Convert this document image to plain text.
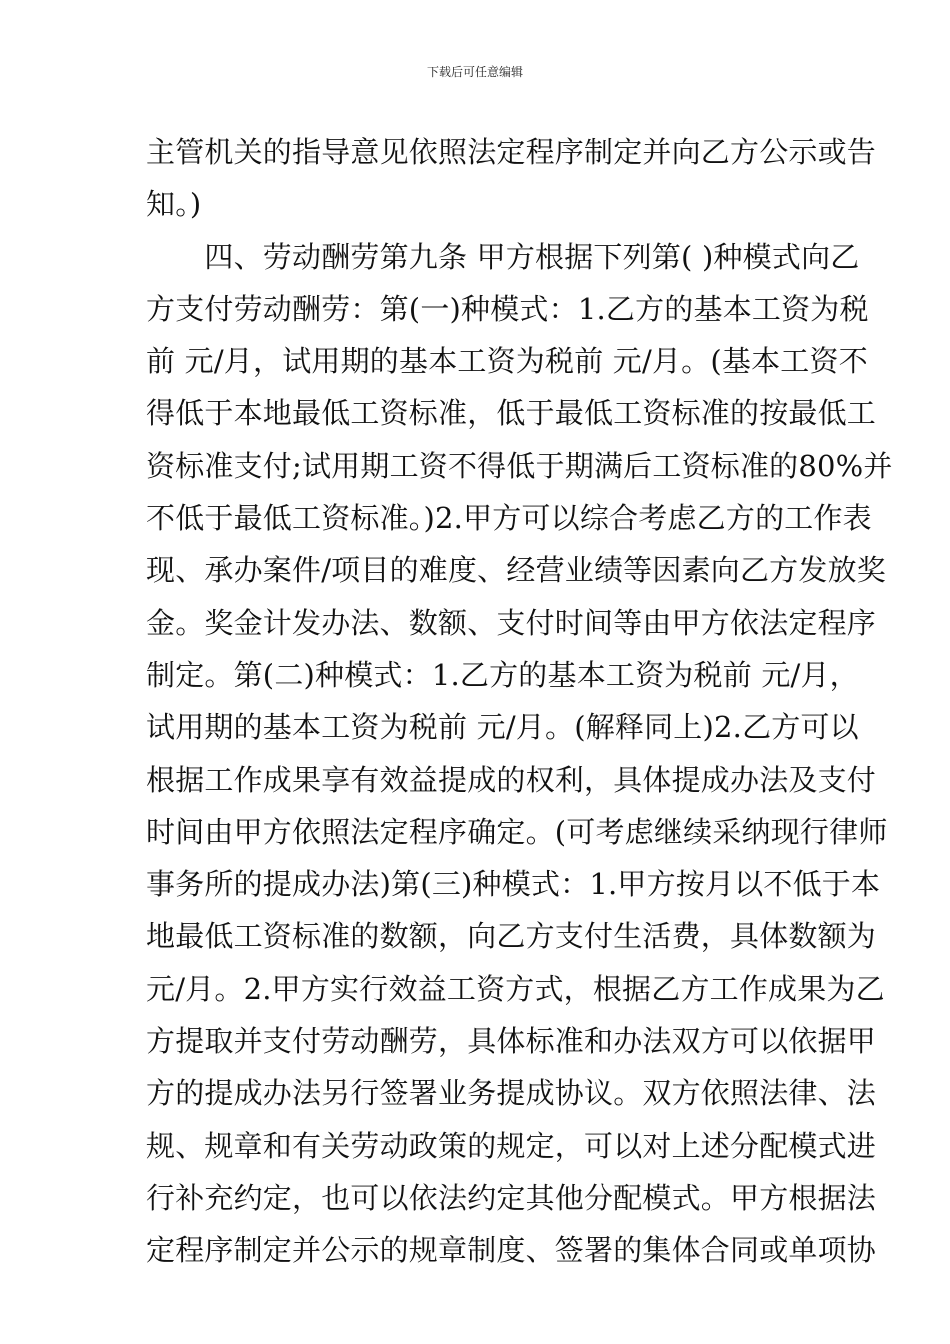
下载后可任意编辑
主管机关的指导意见依照法定程序制定并向乙方公示或告
知。)
　　四、劳动酬劳第九条 甲方根据下列第( )种模式向乙
方支付劳动酬劳：第(一)种模式：1.乙方的基本工资为税
前 元/月，试用期的基本工资为税前 元/月。(基本工资不
得低于本地最低工资标准，低于最低工资标准的按最低工
资标准支付;试用期工资不得低于期满后工资标准的80%并
不低于最低工资标准。)2.甲方可以综合考虑乙方的工作表
现、承办案件/项目的难度、经营业绩等因素向乙方发放奖
金。奖金计发办法、数额、支付时间等由甲方依法定程序
制定。第(二)种模式：1.乙方的基本工资为税前 元/月，
试用期的基本工资为税前 元/月。(解释同上)2.乙方可以
根据工作成果享有效益提成的权利，具体提成办法及支付
时间由甲方依照法定程序确定。(可考虑继续采纳现行律师
事务所的提成办法)第(三)种模式：1.甲方按月以不低于本
地最低工资标准的数额，向乙方支付生活费，具体数额为
元/月。2.甲方实行效益工资方式，根据乙方工作成果为乙
方提取并支付劳动酬劳，具体标准和办法双方可以依据甲
方的提成办法另行签署业务提成协议。双方依照法律、法
规、规章和有关劳动政策的规定，可以对上述分配模式进
行补充约定，也可以依法约定其他分配模式。甲方根据法
定程序制定并公示的规章制度、签署的集体合同或单项协
